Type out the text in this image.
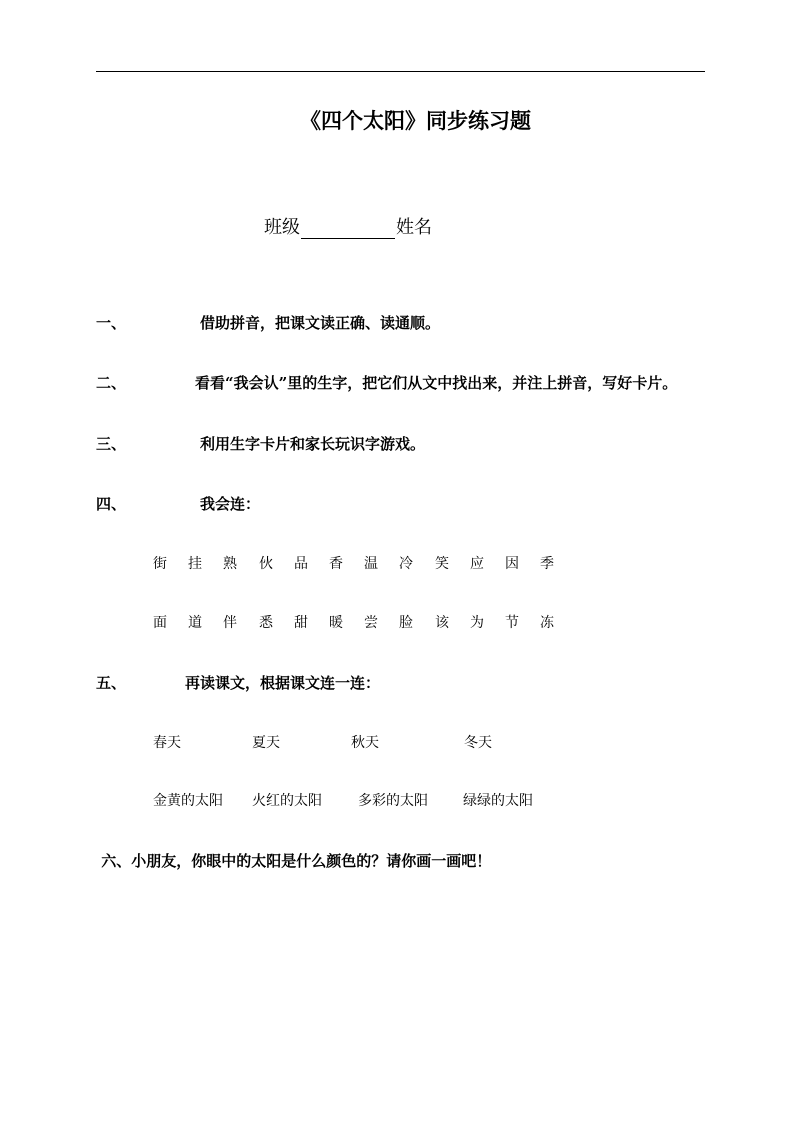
《四个太阳》同步练习题
班级	姓名
一、	借助拼音，把课文读正确、读通顺。
二、	看看“我会认”里的生字，把它们从文中找出来，并注上拼音，写好卡片。
三、	利用生字卡片和家长玩识字游戏。
四、	我会连：
街 挂 熟 伙 品 香 温 冷 笑 应 因 季
面 道 伴 悉 甜 暖 尝 脸 该 为 节 冻
五、	再读课文，根据课文连一连：
春天	夏天	秋天	冬天
金黄的太阳 火红的太阳	多彩的太阳	绿绿的太阳
六、小朋友，你眼中的太阳是什么颜色的？请你画一画吧！
